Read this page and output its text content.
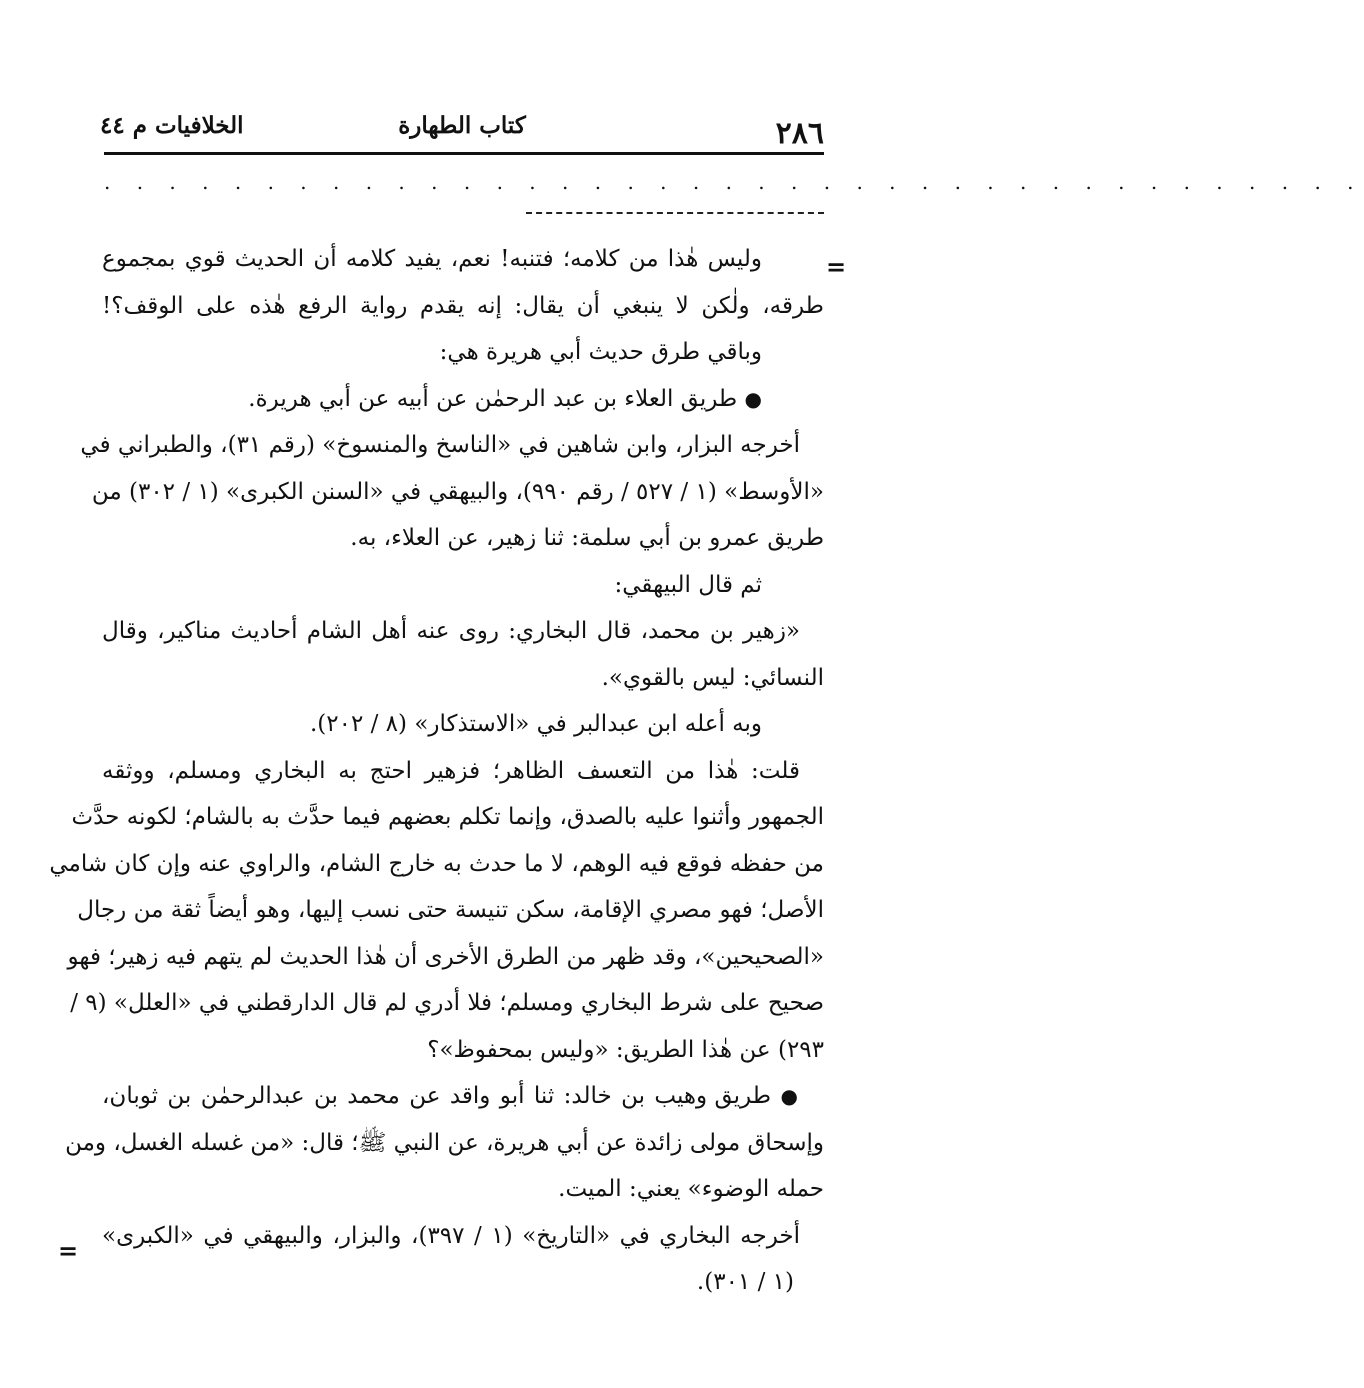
٢٨٦
كتاب الطهارة
الخلافيات م ٤٤
. . . . . . . . . . . . . . . . . . . . . . . . . . . . . . . . . . . . . . .
=
=
وليس هٰذا من كلامه؛ فتنبه! نعم، يفيد كلامه أن الحديث قوي بمجموع
طرقه، ولٰكن لا ينبغي أن يقال: إنه يقدم رواية الرفع هٰذه على الوقف؟!
وباقي طرق حديث أبي هريرة هي:
● طريق العلاء بن عبد الرحمٰن عن أبيه عن أبي هريرة.
أخرجه البزار، وابن شاهين في «الناسخ والمنسوخ» (رقم ٣١)، والطبراني في
«الأوسط» (١ / ٥٢٧ / رقم ٩٩٠)، والبيهقي في «السنن الكبرى» (١ / ٣٠٢) من
طريق عمرو بن أبي سلمة: ثنا زهير، عن العلاء، به.
ثم قال البيهقي:
«زهير بن محمد، قال البخاري: روى عنه أهل الشام أحاديث مناكير، وقال
النسائي: ليس بالقوي».
وبه أعله ابن عبدالبر في «الاستذكار» (٨ / ٢٠٢).
قلت: هٰذا من التعسف الظاهر؛ فزهير احتج به البخاري ومسلم، ووثقه
الجمهور وأثنوا عليه بالصدق، وإنما تكلم بعضهم فيما حدَّث به بالشام؛ لكونه حدَّث
من حفظه فوقع فيه الوهم، لا ما حدث به خارج الشام، والراوي عنه وإن كان شامي
الأصل؛ فهو مصري الإقامة، سكن تنيسة حتى نسب إليها، وهو أيضاً ثقة من رجال
«الصحيحين»، وقد ظهر من الطرق الأخرى أن هٰذا الحديث لم يتهم فيه زهير؛ فهو
صحيح على شرط البخاري ومسلم؛ فلا أدري لم قال الدارقطني في «العلل» (٩ /
٢٩٣) عن هٰذا الطريق: «وليس بمحفوظ»؟
● طريق وهيب بن خالد: ثنا أبو واقد عن محمد بن عبدالرحمٰن بن ثوبان،
وإسحاق مولى زائدة عن أبي هريرة، عن النبي ﷺ؛ قال: «من غسله الغسل، ومن
حمله الوضوء» يعني: الميت.
أخرجه البخاري في «التاريخ» (١ / ٣٩٧)، والبزار، والبيهقي في «الكبرى»
(١ / ٣٠١).
